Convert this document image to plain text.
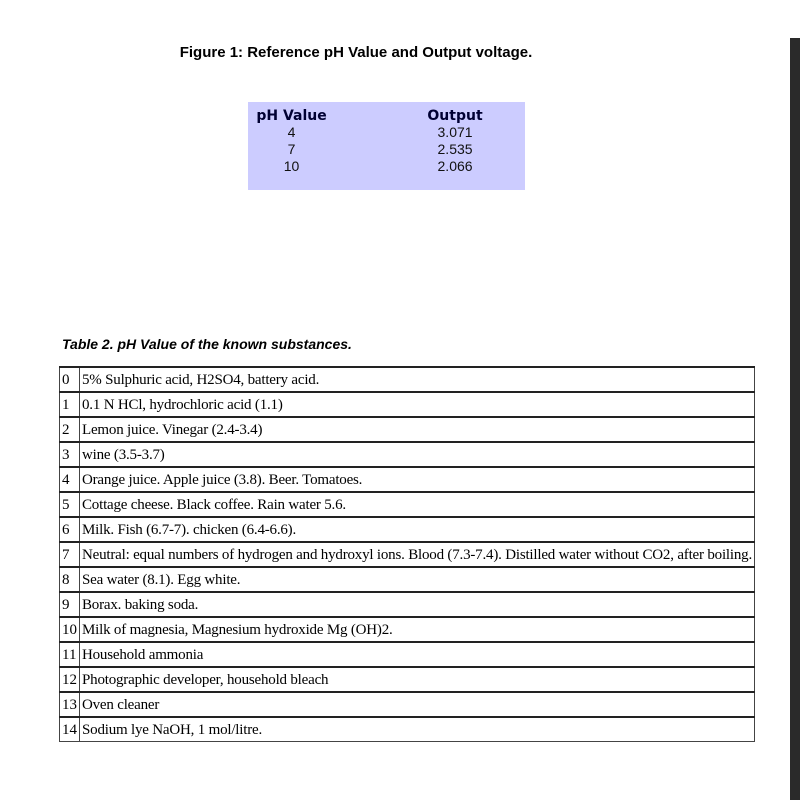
Figure 1: Reference pH Value and Output voltage.
pH Value	Output
4	3.071
7	2.535
10	2.066
Table 2. pH Value of the known substances.
0	5% Sulphuric acid, H2SO4, battery acid.
1	0.1 N HCl, hydrochloric acid (1.1)
2	Lemon juice. Vinegar (2.4-3.4)
3	wine (3.5-3.7)
4	Orange juice. Apple juice (3.8). Beer. Tomatoes.
5	Cottage cheese. Black coffee. Rain water 5.6.
6	Milk. Fish (6.7-7). chicken (6.4-6.6).
7	Neutral: equal numbers of hydrogen and hydroxyl ions. Blood (7.3-7.4). Distilled water without CO2, after boiling.
8	Sea water (8.1). Egg white.
9	Borax. baking soda.
10	Milk of magnesia, Magnesium hydroxide Mg (OH)2.
11	Household ammonia
12	Photographic developer, household bleach
13	Oven cleaner
14	Sodium lye NaOH, 1 mol/litre.
